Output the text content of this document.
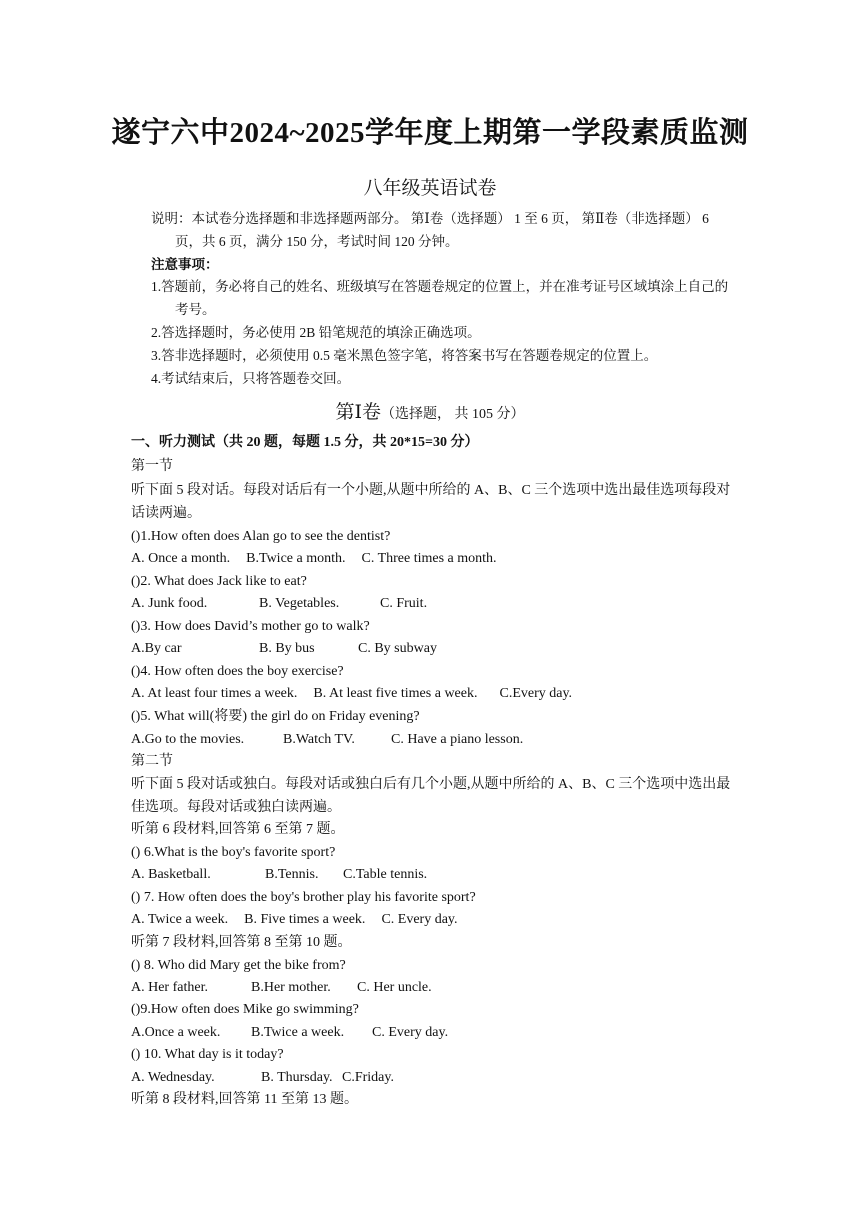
遂宁六中2024~2025学年度上期第一学段素质监测
八年级英语试卷
说明：本试卷分选择题和非选择题两部分。 第Ⅰ卷（选择题） 1 至 6 页， 第Ⅱ卷（非选择题） 6 页，共 6 页，满分 150 分，考试时间 120 分钟。
注意事项：
1.答题前，务必将自己的姓名、班级填写在答题卷规定的位置上，并在准考证号区域填涂上自己的考号。
2.答选择题时，务必使用 2B 铅笔规范的填涂正确选项。
3.答非选择题时，必须使用 0.5 毫米黑色签字笔，将答案书写在答题卷规定的位置上。
4.考试结束后，只将答题卷交回。
第Ⅰ卷（选择题， 共 105 分）
一、听力测试（共 20 题，每题 1.5 分，共 20*15=30 分）
第一节
听下面 5 段对话。每段对话后有一个小题,从题中所给的 A、B、C 三个选项中选出最佳选项每段对话读两遍。
()1.How often does Alan go to see the dentist?
A. Once a month. B.Twice a month. C. Three times a month.
()2. What does Jack like to eat?
A. Junk food.	B. Vegetables.	C. Fruit.
()3. How does David’s mother go to walk?
A.By car	B. By bus	C. By subway
()4. How often does the boy exercise?
A. At least four times a week. B. At least five times a week. C.Every day.
()5. What will(将要) the girl do on Friday evening?
A.Go to the movies.	B.Watch TV.	C. Have a piano lesson.
第二节
听下面 5 段对话或独白。每段对话或独白后有几个小题,从题中所给的 A、B、C 三个选项中选出最佳选项。每段对话或独白读两遍。
听第 6 段材料,回答第 6 至第 7 题。
() 6.What is the boy's favorite sport?
A. Basketball.	B.Tennis. C.Table tennis.
() 7. How often does the boy's brother play his favorite sport?
A. Twice a week. B. Five times a week. C. Every day.
听第 7 段材料,回答第 8 至第 10 题。
() 8. Who did Mary get the bike from?
A. Her father.	B.Her mother. C. Her uncle.
()9.How often does Mike go swimming?
A.Once a week. B.Twice a week. C. Every day.
() 10. What day is it today?
A. Wednesday.	B. Thursday. C.Friday.
听第 8 段材料,回答第 11 至第 13 题。
